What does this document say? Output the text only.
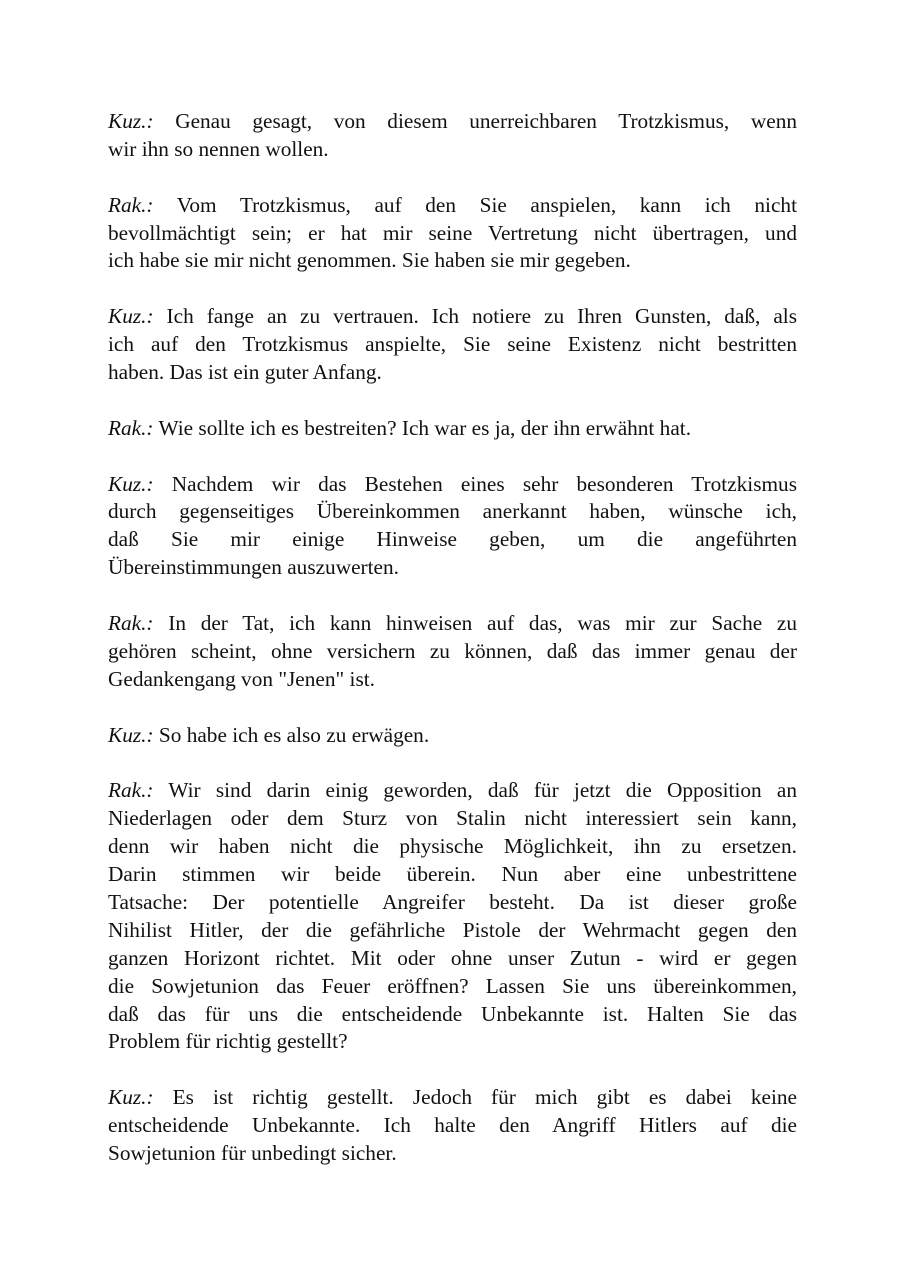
Kuz.: Genau gesagt, von diesem unerreichbaren Trotzkismus, wenn
wir ihn so nennen wollen.
Rak.: Vom Trotzkismus, auf den Sie anspielen, kann ich nicht
bevollmächtigt sein; er hat mir seine Vertretung nicht übertragen, und
ich habe sie mir nicht genommen. Sie haben sie mir gegeben.
Kuz.: Ich fange an zu vertrauen. Ich notiere zu Ihren Gunsten, daß, als
ich auf den Trotzkismus anspielte, Sie seine Existenz nicht bestritten
haben. Das ist ein guter Anfang.
Rak.: Wie sollte ich es bestreiten? Ich war es ja, der ihn erwähnt hat.
Kuz.: Nachdem wir das Bestehen eines sehr besonderen Trotzkismus
durch gegenseitiges Übereinkommen anerkannt haben, wünsche ich,
daß Sie mir einige Hinweise geben, um die angeführten
Übereinstimmungen auszuwerten.
Rak.: In der Tat, ich kann hinweisen auf das, was mir zur Sache zu
gehören scheint, ohne versichern zu können, daß das immer genau der
Gedankengang von "Jenen" ist.
Kuz.: So habe ich es also zu erwägen.
Rak.: Wir sind darin einig geworden, daß für jetzt die Opposition an
Niederlagen oder dem Sturz von Stalin nicht interessiert sein kann,
denn wir haben nicht die physische Möglichkeit, ihn zu ersetzen.
Darin stimmen wir beide überein. Nun aber eine unbestrittene
Tatsache: Der potentielle Angreifer besteht. Da ist dieser große
Nihilist Hitler, der die gefährliche Pistole der Wehrmacht gegen den
ganzen Horizont richtet. Mit oder ohne unser Zutun - wird er gegen
die Sowjetunion das Feuer eröffnen? Lassen Sie uns übereinkommen,
daß das für uns die entscheidende Unbekannte ist. Halten Sie das
Problem für richtig gestellt?
Kuz.: Es ist richtig gestellt. Jedoch für mich gibt es dabei keine
entscheidende Unbekannte. Ich halte den Angriff Hitlers auf die
Sowjetunion für unbedingt sicher.
